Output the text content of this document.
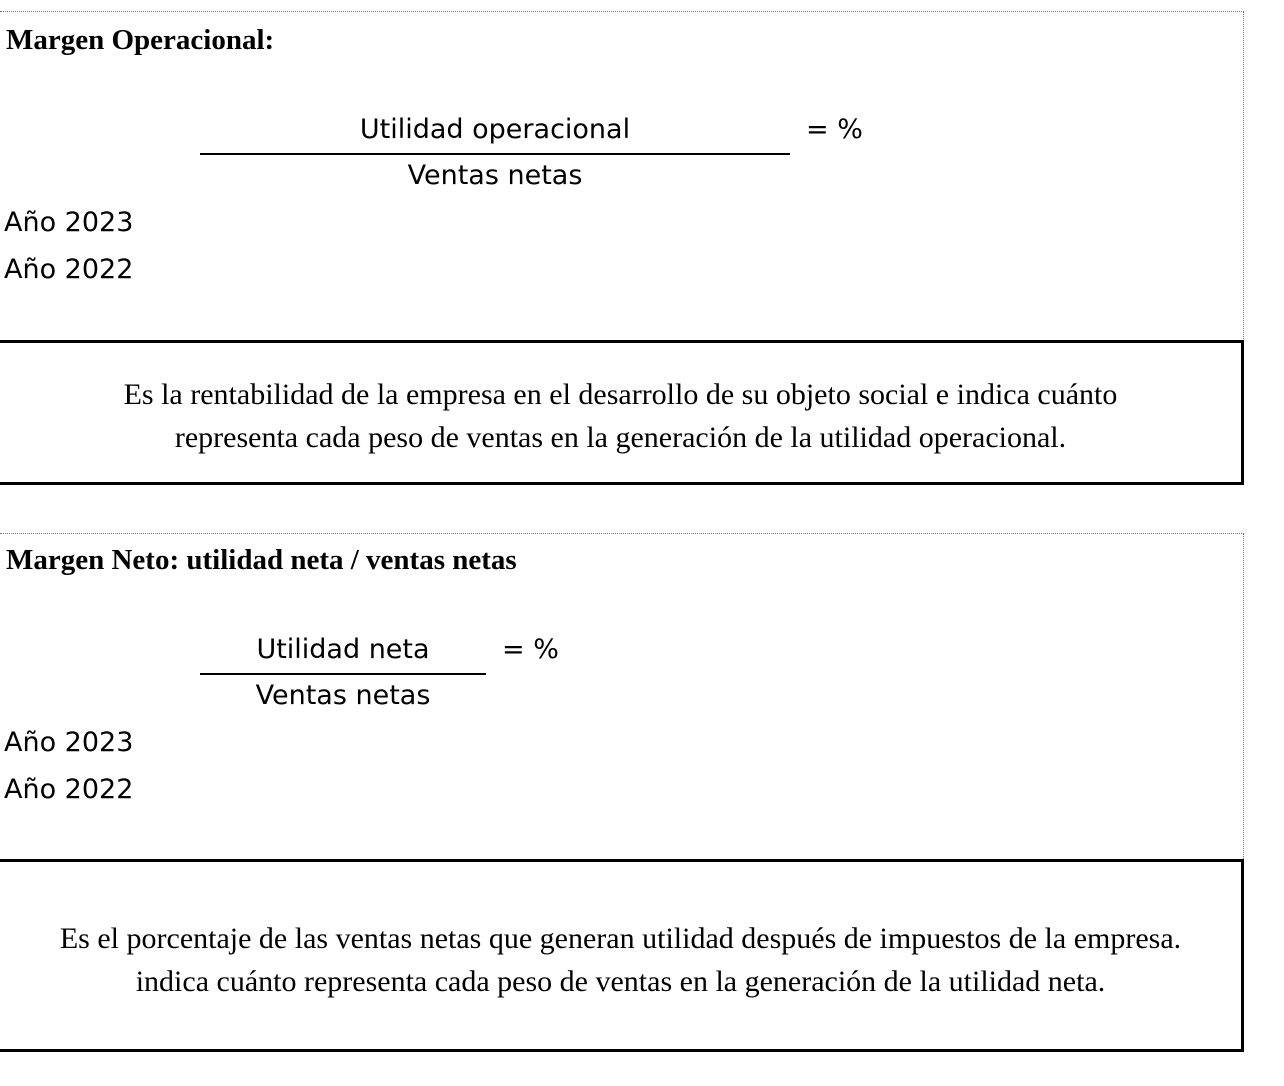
Margen Operacional:
Utilidad operacional	= %
Ventas netas
Año 2023
Año 2022
Es la rentabilidad de la empresa en el desarrollo de su objeto social e indica cuánto
representa cada peso de ventas en la generación de la utilidad operacional.
Margen Neto: utilidad neta / ventas netas
Utilidad neta	= %
Ventas netas
Año 2023
Año 2022
Es el porcentaje de las ventas netas que generan utilidad después de impuestos de la empresa.
indica cuánto representa cada peso de ventas en la generación de la utilidad neta.
